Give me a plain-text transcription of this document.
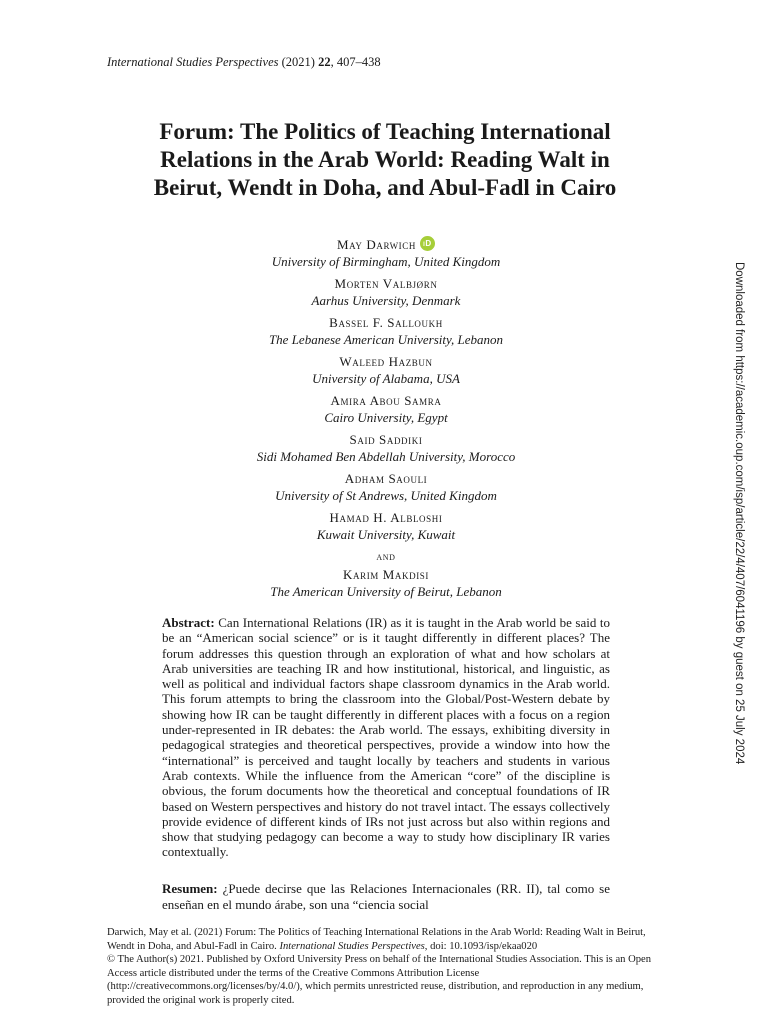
International Studies Perspectives (2021) 22, 407–438
Forum: The Politics of Teaching International
Relations in the Arab World: Reading Walt in
Beirut, Wendt in Doha, and Abul-Fadl in Cairo
May Darwich iD
University of Birmingham, United Kingdom
Morten Valbjørn
Aarhus University, Denmark
Bassel F. Salloukh
The Lebanese American University, Lebanon
Waleed Hazbun
University of Alabama, USA
Amira Abou Samra
Cairo University, Egypt
Said Saddiki
Sidi Mohamed Ben Abdellah University, Morocco
Adham Saouli
University of St Andrews, United Kingdom
Hamad H. Albloshi
Kuwait University, Kuwait
and
Karim Makdisi
The American University of Beirut, Lebanon
Abstract: Can International Relations (IR) as it is taught in the Arab world be said to be an “American social science” or is it taught differently in different places? The forum addresses this question through an exploration of what and how scholars at Arab universities are teaching IR and how institutional, historical, and linguistic, as well as political and individual factors shape classroom dynamics in the Arab world. This forum attempts to bring the classroom into the Global/Post-Western debate by showing how IR can be taught differently in different places with a focus on a region under-represented in IR debates: the Arab world. The essays, exhibiting diversity in pedagogical strategies and theoretical perspectives, provide a window into how the “international” is perceived and taught locally by teachers and students in various Arab contexts. While the influence from the American “core” of the discipline is obvious, the forum documents how the theoretical and conceptual foundations of IR based on Western perspectives and history do not travel intact. The essays collectively provide evidence of different kinds of IRs not just across but also within regions and show that studying pedagogy can become a way to study how disciplinary IR varies contextually.
Resumen: ¿Puede decirse que las Relaciones Internacionales (RR. II), tal como se enseñan en el mundo árabe, son una “ciencia social
Darwich, May et al. (2021) Forum: The Politics of Teaching International Relations in the Arab World: Reading Walt in Beirut, Wendt in Doha, and Abul-Fadl in Cairo. International Studies Perspectives, doi: 10.1093/isp/ekaa020
© The Author(s) 2021. Published by Oxford University Press on behalf of the International Studies Association. This is an Open Access article distributed under the terms of the Creative Commons Attribution License (http://creativecommons.org/licenses/by/4.0/), which permits unrestricted reuse, distribution, and reproduction in any medium, provided the original work is properly cited.
Downloaded from https://academic.oup.com/isp/article/22/4/407/6041196 by guest on 25 July 2024
